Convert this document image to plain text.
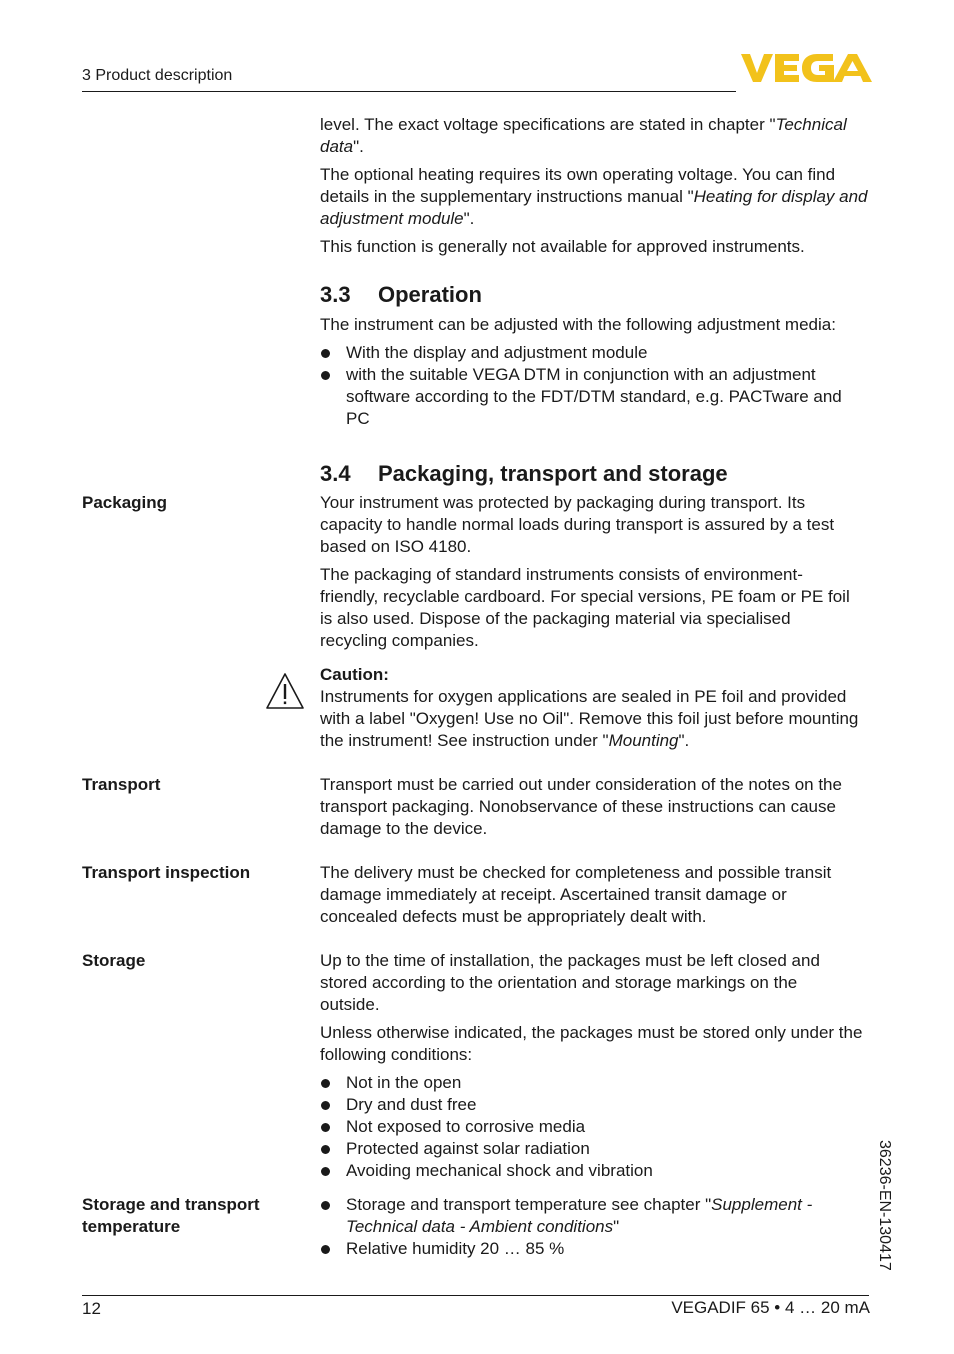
3 Product description

level. The exact voltage specifications are stated in chapter "Technical data".

The optional heating requires its own operating voltage. You can find details in the supplementary instructions manual "Heating for display and adjustment module".

This function is generally not available for approved instruments.

3.3 Operation

The instrument can be adjusted with the following adjustment media:

With the display and adjustment module
with the suitable VEGA DTM in conjunction with an adjustment software according to the FDT/DTM standard, e.g. PACTware and PC
3.4 Packaging, transport and storage
Packaging	Your instrument was protected by packaging during transport. Its capacity to handle normal loads during transport is assured by a test based on ISO 4180.

The packaging of standard instruments consists of environment-friendly, recyclable cardboard. For special versions, PE foam or PE foil is also used. Dispose of the packaging material via specialised recycling companies.

Caution:

Instruments for oxygen applications are sealed in PE foil and provided with a label "Oxygen! Use no Oil". Remove this foil just before mounting the instrument! See instruction under "Mounting".

Transport	Transport must be carried out under consideration of the notes on the transport packaging. Nonobservance of these instructions can cause damage to the device.

Transport inspection	The delivery must be checked for completeness and possible transit damage immediately at receipt. Ascertained transit damage or concealed defects must be appropriately dealt with.

Storage	Up to the time of installation, the packages must be left closed and stored according to the orientation and storage markings on the outside.

Unless otherwise indicated, the packages must be stored only under the following conditions:

Not in the open
Dry and dust free
Not exposed to corrosive media
Protected against solar radiation
Avoiding mechanical shock and vibration
Storage and transport temperature
Storage and transport temperature see chapter "Supplement - Technical data - Ambient conditions"
Relative humidity 20 … 85 %	36236-EN-130417
12	VEGADIF 65 • 4 … 20 mA
